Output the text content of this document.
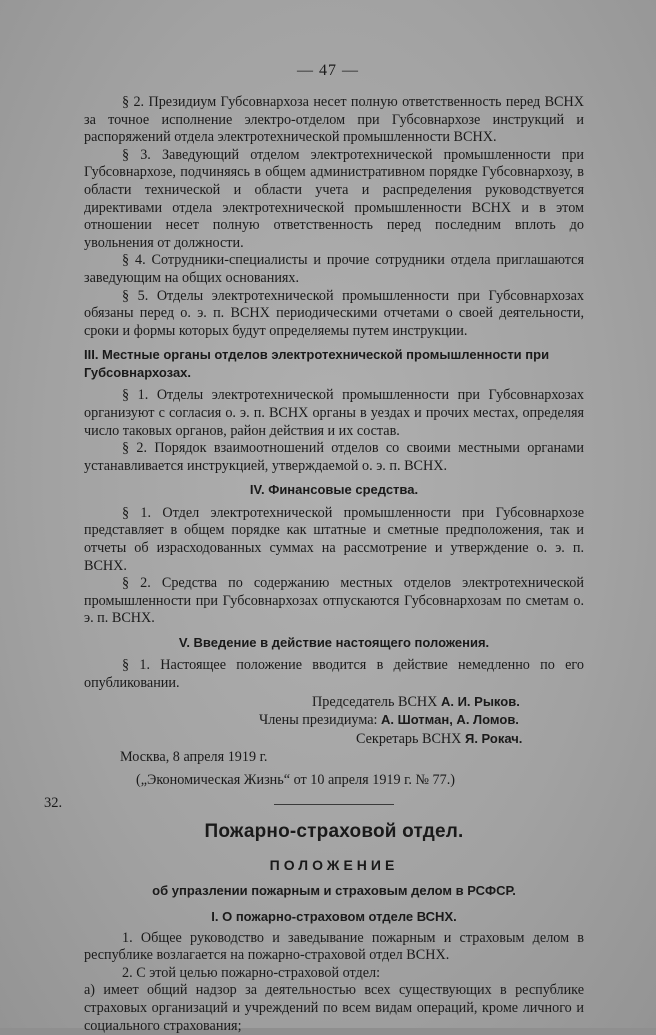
— 47 —

§ 2. Президиум Губсовнархоза несет полную ответственность перед ВСНХ за точное исполнение электро-отделом при Губсовнархозе инструкций и распоряжений отдела электротехнической промышленности ВСНХ.

§ 3. Заведующий отделом электротехнической промышленности при Губсовнархозе, подчиняясь в общем административном порядке Губсовнархозу, в области технической и области учета и распределения руководствуется директивами отдела электротехнической промышленности ВСНХ и в этом отношении несет полную ответственность перед последним вплоть до увольнения от должности.

§ 4. Сотрудники-специалисты и прочие сотрудники отдела приглашаются заведующим на общих основаниях.

§ 5. Отделы электротехнической промышленности при Губсовнархозах обязаны перед о. э. п. ВСНХ периодическими отчетами о своей деятельности, сроки и формы которых будут определяемы путем инструкции.

III. Местные органы отделов электротехнической промышленности при Губсовнархозах.

§ 1. Отделы электротехнической промышленности при Губсовнархозах организуют с согласия о. э. п. ВСНХ органы в уездах и прочих местах, определяя число таковых органов, район действия и их состав.

§ 2. Порядок взаимоотношений отделов со своими местными органами устанавливается инструкцией, утверждаемой о. э. п. ВСНХ.

IV. Финансовые средства.

§ 1. Отдел электротехнической промышленности при Губсовнархозе представляет в общем порядке как штатные и сметные предположения, так и отчеты об израсходованных суммах на рассмотрение и утверждение о. э. п. ВСНХ.

§ 2. Средства по содержанию местных отделов электротехнической промышленности при Губсовнархозах отпускаются Губсовнархозам по сметам о. э. п. ВСНХ.

V. Введение в действие настоящего положения.

§ 1. Настоящее положение вводится в действие немедленно по его опубликовании.

Председатель ВСНХ А. И. Рыков.
Члены президиума: А. Шотман, А. Ломов.
Секретарь ВСНХ Я. Рокач.

Москва, 8 апреля 1919 г.

(„Экономическая Жизнь“ от 10 апреля 1919 г. № 77.)

Пожарно-страховой отдел.
ПОЛОЖЕНИЕ

об упразлении пожарным и страховым делом в РСФСР.

I. О пожарно-страховом отделе ВСНХ.

1. Общее руководство и заведывание пожарным и страховым делом в республике возлагается на пожарно-страховой отдел ВСНХ.

2. С этой целью пожарно-страховой отдел:

а) имеет общий надзор за деятельностью всех существующих в республике страховых организаций и учреждений по всем видам операций, кроме личного и социального страхования;

32.
